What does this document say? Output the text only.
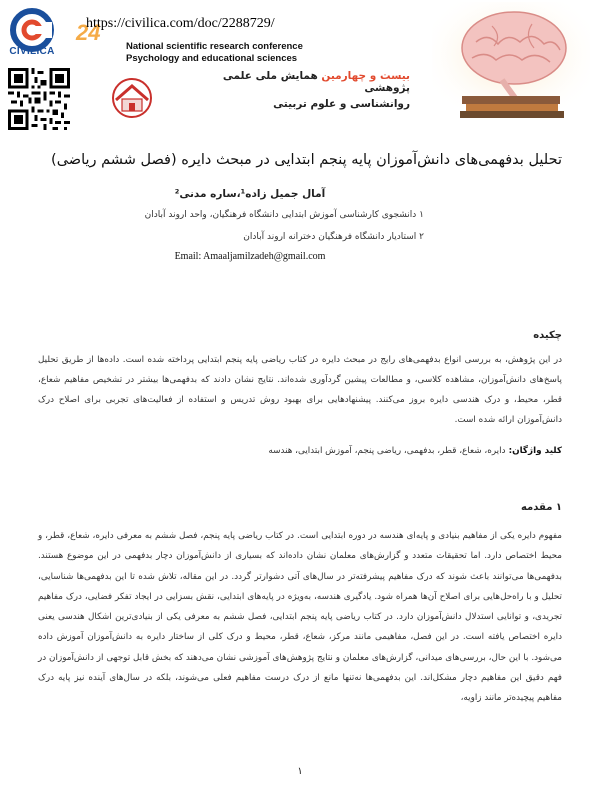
CIVILICA
24
https://civilica.com/doc/2288729/
National scientific research conference
Psychology and educational sciences
بیست و چهارمین همایش ملی علمی پژوهشی
روانشناسی و علوم تربیتی
تحلیل بدفهمی‌های دانش‌آموزان پایه پنجم ابتدایی در مبحث دایره (فصل ششم ریاضی)
آمال جمیل زاده¹،ساره مدنی²
۱ دانشجوی کارشناسی آموزش ابتدایی دانشگاه فرهنگیان، واحد اروند آبادان
۲ استادیار دانشگاه فرهنگیان دخترانه اروند آبادان
Email: Amaaljamilzadeh@gmail.com
چکیده
در این پژوهش، به بررسی انواع بدفهمی‌های رایج در مبحث دایره در کتاب ریاضی پایه پنجم ابتدایی پرداخته شده است. داده‌ها از طریق تحلیل پاسخ‌های دانش‌آموزان، مشاهده کلاسی، و مطالعات پیشین گردآوری شده‌اند. نتایج نشان دادند که بدفهمی‌ها بیشتر در تشخیص مفاهیم شعاع، قطر، محیط، و درک هندسی دایره بروز می‌کنند. پیشنهادهایی برای بهبود روش تدریس و استفاده از فعالیت‌های تجربی برای اصلاح درک دانش‌آموزان ارائه شده است.
کلید واژگان: دایره، شعاع، قطر، بدفهمی، ریاضی پنجم، آموزش ابتدایی، هندسه
۱ مقدمه
مفهوم دایره یکی از مفاهیم بنیادی و پایه‌ای هندسه در دوره ابتدایی است. در کتاب ریاضی پایه پنجم، فصل ششم به معرفی دایره، شعاع، قطر، و محیط اختصاص دارد. اما تحقیقات متعدد و گزارش‌های معلمان نشان داده‌اند که بسیاری از دانش‌آموزان دچار بدفهمی در این موضوع هستند. بدفهمی‌ها می‌توانند باعث شوند که درک مفاهیم پیشرفته‌تر در سال‌های آتی دشوارتر گردد. در این مقاله، تلاش شده تا این بدفهمی‌ها شناسایی، تحلیل و با راه‌حل‌هایی برای اصلاح آن‌ها همراه شود. یادگیری هندسه، به‌ویژه در پایه‌های ابتدایی، نقش بسزایی در ایجاد تفکر فضایی، درک مفاهیم تجریدی، و توانایی استدلال دانش‌آموزان دارد. در کتاب ریاضی پایه پنجم ابتدایی، فصل ششم به معرفی یکی از بنیادی‌ترین اشکال هندسی یعنی دایره اختصاص یافته است. در این فصل، مفاهیمی مانند مرکز، شعاع، قطر، محیط و درک کلی از ساختار دایره به دانش‌آموزان آموزش داده می‌شود. با این حال، بررسی‌های میدانی، گزارش‌های معلمان و نتایج پژوهش‌های آموزشی نشان می‌دهند که بخش قابل توجهی از دانش‌آموزان در فهم دقیق این مفاهیم دچار مشکل‌اند. این بدفهمی‌ها نه‌تنها مانع از درک درست مفاهیم فعلی می‌شوند، بلکه در سال‌های آینده نیز پایه درک مفاهیم پیچیده‌تر مانند زاویه،
۱
